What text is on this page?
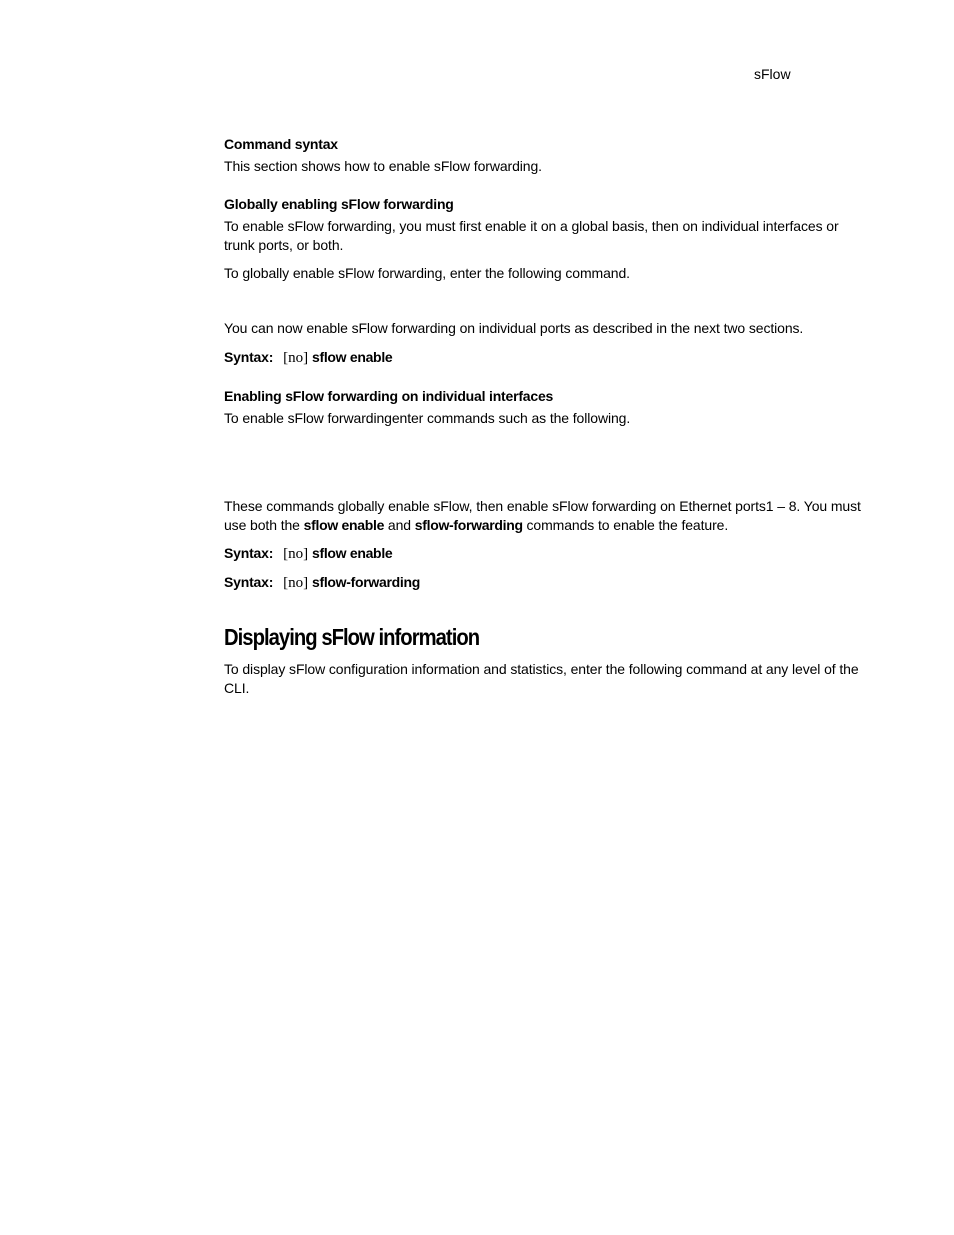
sFlow

Command syntax

This section shows how to enable sFlow forwarding.

Globally enabling sFlow forwarding

To enable sFlow forwarding, you must first enable it on a global basis, then on individual interfaces or trunk ports, or both.

To globally enable sFlow forwarding, enter the following command.

You can now enable sFlow forwarding on individual ports as described in the next two sections.

Syntax: [no] sflow enable

Enabling sFlow forwarding on individual interfaces

To enable sFlow forwardingenter commands such as the following.

These commands globally enable sFlow, then enable sFlow forwarding on Ethernet ports1 – 8. You must use both the sflow enable and sflow-forwarding commands to enable the feature.

Syntax: [no] sflow enable

Syntax: [no] sflow-forwarding

Displaying sFlow information

To display sFlow configuration information and statistics, enter the following command at any level of the CLI.
